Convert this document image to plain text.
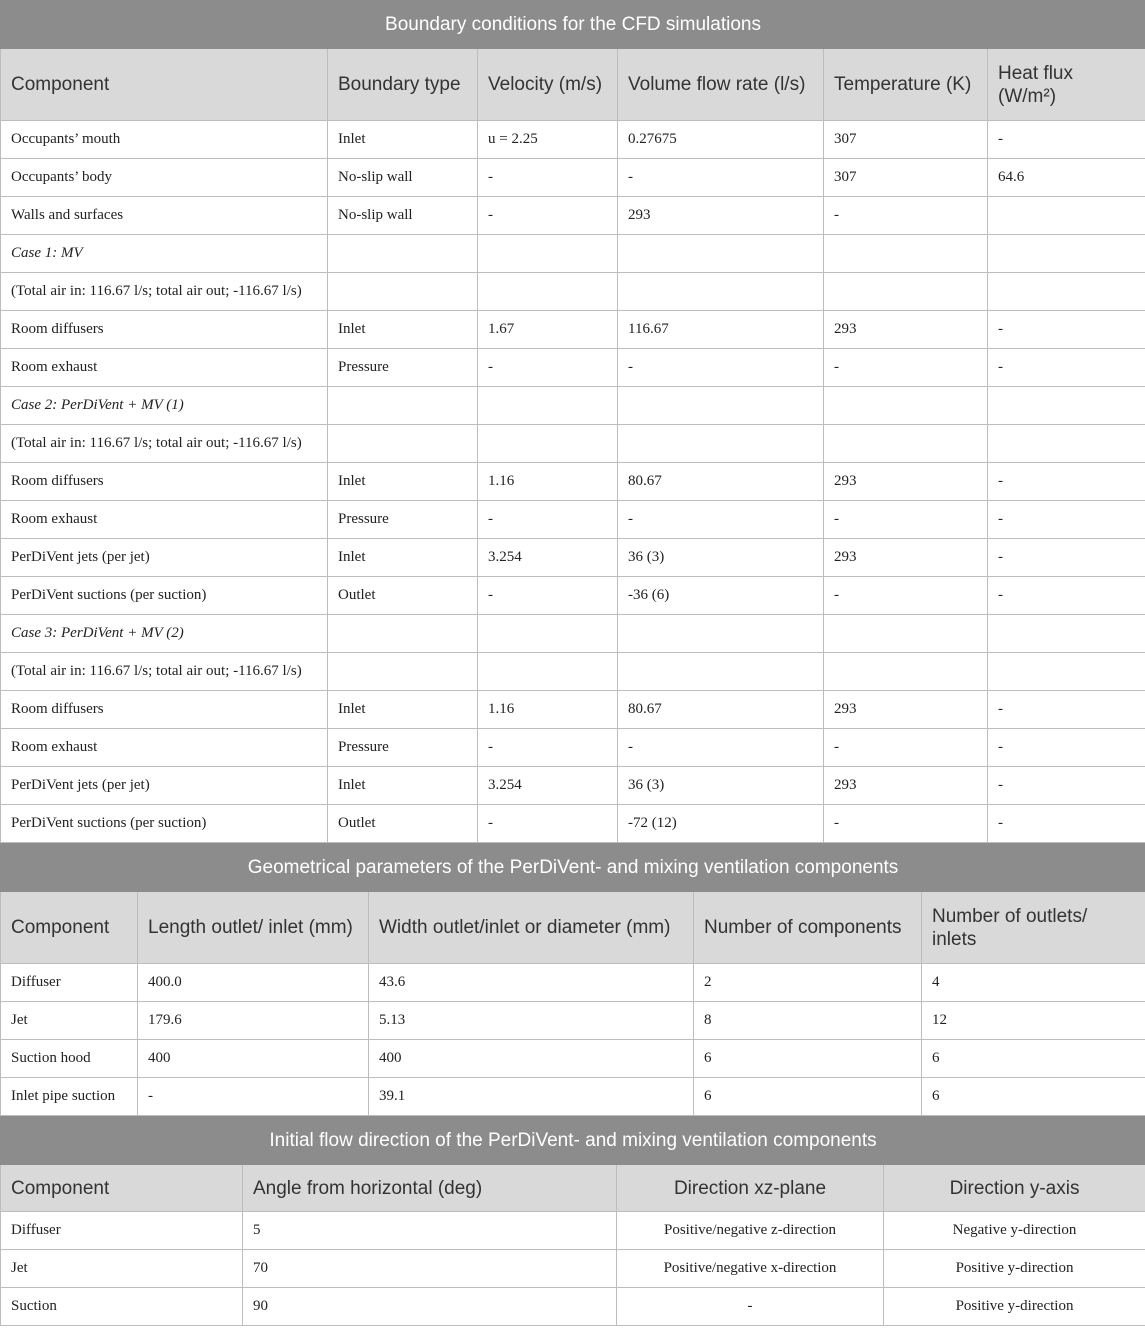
Boundary conditions for the CFD simulations					
Component	Boundary type	Velocity (m/s)	Volume flow rate (l/s)	Temperature (K)	Heat flux (W/m²)
Occupants’ mouth	Inlet	u = 2.25	0.27675	307	-
Occupants’ body	No-slip wall	-	-	307	64.6
Walls and surfaces	No-slip wall	-	293	-	
Case 1: MV					
(Total air in: 116.67 l/s; total air out; -116.67 l/s)					
Room diffusers	Inlet	1.67	116.67	293	-
Room exhaust	Pressure	-	-	-	-
Case 2: PerDiVent + MV (1)					
(Total air in: 116.67 l/s; total air out; -116.67 l/s)					
Room diffusers	Inlet	1.16	80.67	293	-
Room exhaust	Pressure	-	-	-	-
PerDiVent jets (per jet)	Inlet	3.254	36 (3)	293	-
PerDiVent suctions (per suction)	Outlet	-	-36 (6)	-	-
Case 3: PerDiVent + MV (2)					
(Total air in: 116.67 l/s; total air out; -116.67 l/s)					
Room diffusers	Inlet	1.16	80.67	293	-
Room exhaust	Pressure	-	-	-	-
PerDiVent jets (per jet)	Inlet	3.254	36 (3)	293	-
PerDiVent suctions (per suction)	Outlet	-	-72 (12)	-	-
Geometrical parameters of the PerDiVent- and mixing ventilation components				
Component	Length outlet/ inlet (mm)	Width outlet/inlet or diameter (mm)	Number of components	Number of outlets/ inlets
Diffuser	400.0	43.6	2	4
Jet	179.6	5.13	8	12
Suction hood	400	400	6	6
Inlet pipe suction	-	39.1	6	6
Initial flow direction of the PerDiVent- and mixing ventilation components			
Component	Angle from horizontal (deg)	Direction xz-plane	Direction y-axis
Diffuser	5	Positive/negative z-direction	Negative y-direction
Jet	70	Positive/negative x-direction	Positive y-direction
Suction	90	-	Positive y-direction
